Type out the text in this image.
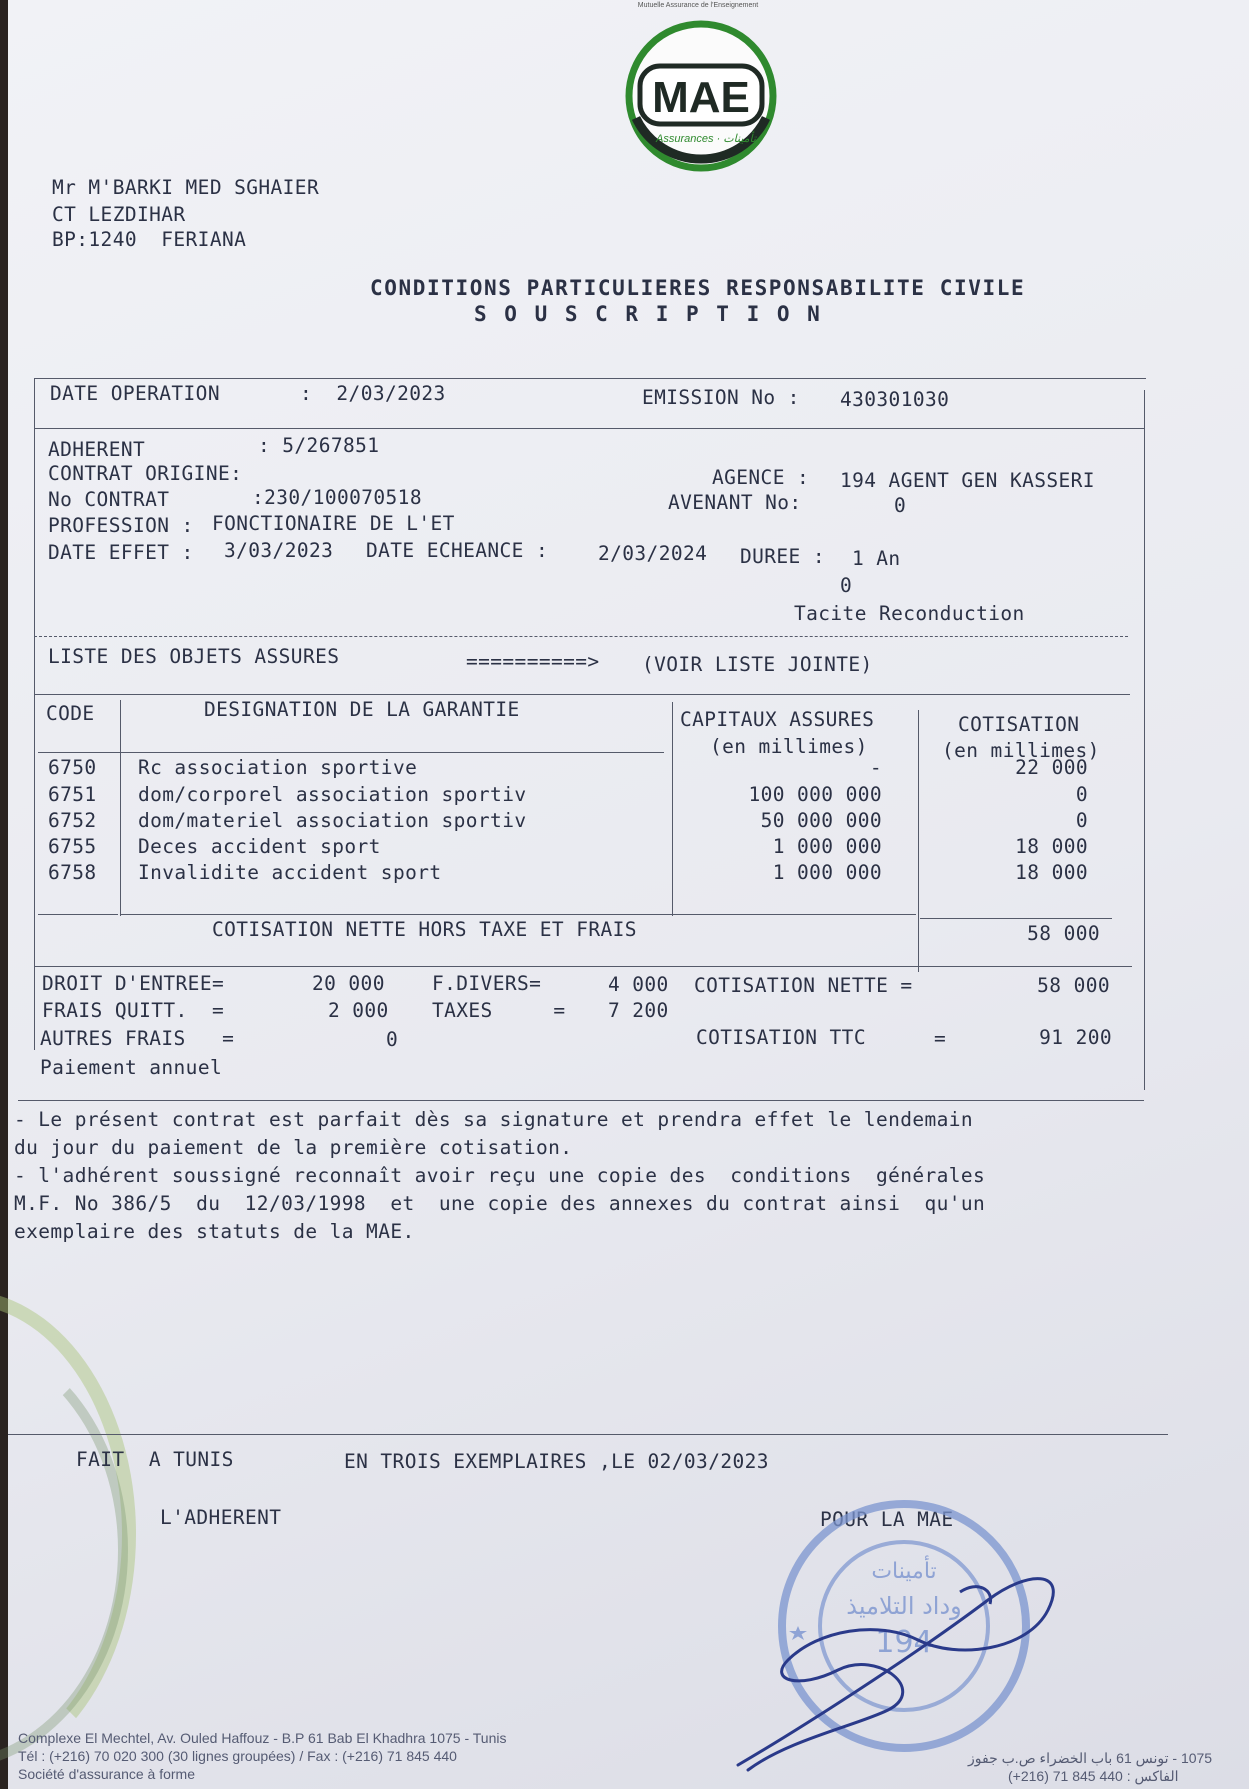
Mutuelle Assurance de l'Enseignement
MAE
Assurances · تأمينات
Mr M'BARKI MED SGHAIER
CT LEZDIHAR
BP:1240  FERIANA
CONDITIONS PARTICULIERES RESPONSABILITE CIVILE
S O U S C R I P T I O N
DATE OPERATION	:  2/03/2023	EMISSION No : 430301030
ADHERENT	: 5/267851
CONTRAT ORIGINE:	AGENCE : 194 AGENT GEN KASSERI
No CONTRAT	:230/100070518	AVENANT No:	0
PROFESSION : FONCTIONAIRE DE L'ET
DATE EFFET : 3/03/2023 DATE ECHEANCE :	2/03/2024 DUREE : 1 An
0
Tacite Reconduction
LISTE DES OBJETS ASSURES	==========> (VOIR LISTE JOINTE)
CODE	DESIGNATION DE LA GARANTIE	CAPITAUX ASSURES
(en millimes)
COTISATION
(en millimes)
6750 Rc association sportive	-	22 000
6751 dom/corporel association sportiv	100 000 000	0
6752 dom/materiel association sportiv	50 000 000	0
6755 Deces accident sport	1 000 000	18 000
6758 Invalidite accident sport	1 000 000	18 000
COTISATION NETTE HORS TAXE ET FRAIS	58 000
DROIT D'ENTREE=	20 000 F.DIVERS=	4 000 COTISATION NETTE =	58 000
FRAIS QUITT.  =	2 000 TAXES     = 7 200
AUTRES FRAIS   =	0	COTISATION TTC	=	91 200
Paiement annuel
- Le présent contrat est parfait dès sa signature et prendra effet le lendemain
du jour du paiement de la première cotisation.
- l'adhérent soussigné reconnaît avoir reçu une copie des  conditions  générales
M.F. No 386/5  du  12/03/1998  et  une copie des annexes du contrat ainsi  qu'un
exemplaire des statuts de la MAE.
FAIT  A TUNIS	EN TROIS EXEMPLAIRES ,LE 02/03/2023
L'ADHERENT	POUR LA MAE
تأمينات
وداد التلاميذ
194
Complexe El Mechtel, Av. Ouled Haffouz - B.P 61 Bab El Khadhra 1075 - Tunis
Tél : (+216) 70 020 300 (30 lignes groupées) / Fax : (+216) 71 845 440
Société d'assurance à forme
1075 - تونس 61 باب الخضراء ص.ب جفوز
الفاكس : 440 845 71 (216+)
